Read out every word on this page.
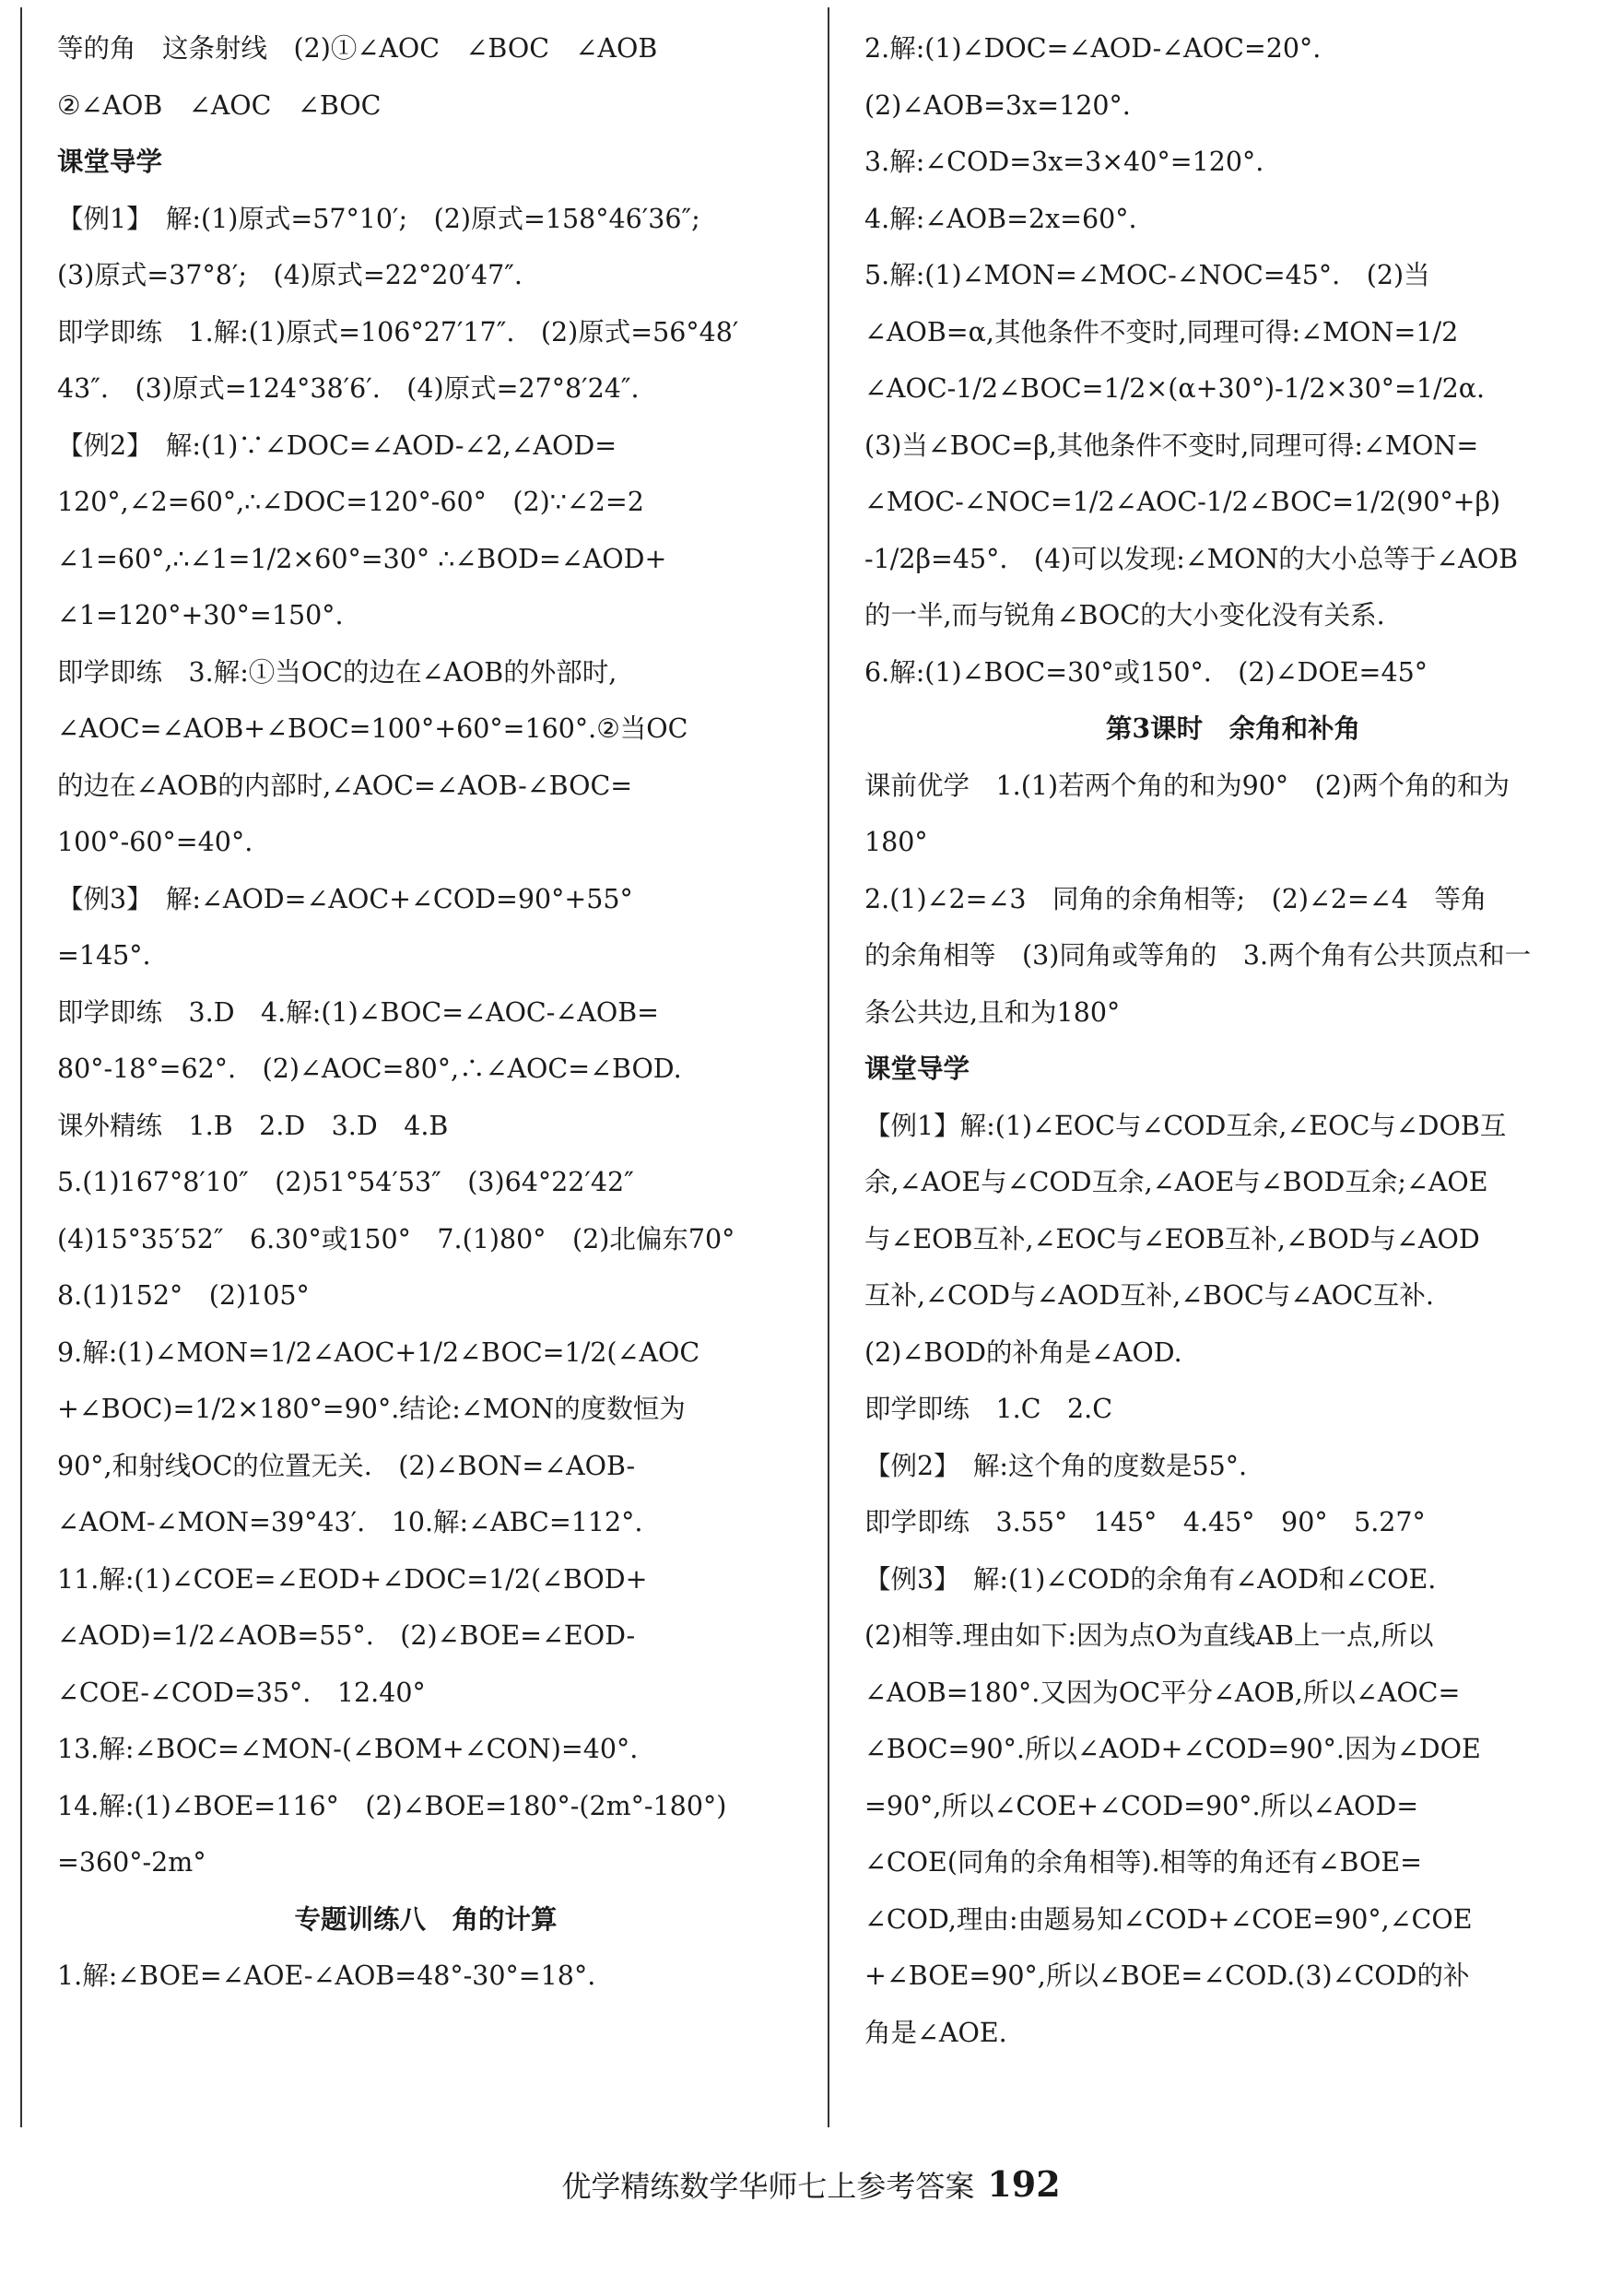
等的角　这条射线　(2)①∠AOC　∠BOC　∠AOB
②∠AOB　∠AOC　∠BOC
课堂导学
【例1】　解:(1)原式=57°10′;　(2)原式=158°46′36″;
(3)原式=37°8′;　(4)原式=22°20′47″.
即学即练　1.解:(1)原式=106°27′17″.　(2)原式=56°48′
43″.　(3)原式=124°38′6′.　(4)原式=27°8′24″.
【例2】　解:(1)∵∠DOC=∠AOD-∠2,∠AOD=
120°,∠2=60°,∴∠DOC=120°-60°　(2)∵∠2=2
∠1=60°,∴∠1=1/2×60°=30° ∴∠BOD=∠AOD+
∠1=120°+30°=150°.
即学即练　3.解:①当OC的边在∠AOB的外部时,
∠AOC=∠AOB+∠BOC=100°+60°=160°.②当OC
的边在∠AOB的内部时,∠AOC=∠AOB-∠BOC=
100°-60°=40°.
【例3】　解:∠AOD=∠AOC+∠COD=90°+55°
=145°.
即学即练　3.D　4.解:(1)∠BOC=∠AOC-∠AOB=
80°-18°=62°.　(2)∠AOC=80°,∴∠AOC=∠BOD.
课外精练　1.B　2.D　3.D　4.B
5.(1)167°8′10″　(2)51°54′53″　(3)64°22′42″
(4)15°35′52″　6.30°或150°　7.(1)80°　(2)北偏东70°
8.(1)152°　(2)105°
9.解:(1)∠MON=1/2∠AOC+1/2∠BOC=1/2(∠AOC
+∠BOC)=1/2×180°=90°.结论:∠MON的度数恒为
90°,和射线OC的位置无关.　(2)∠BON=∠AOB-
∠AOM-∠MON=39°43′.　10.解:∠ABC=112°.
11.解:(1)∠COE=∠EOD+∠DOC=1/2(∠BOD+
∠AOD)=1/2∠AOB=55°.　(2)∠BOE=∠EOD-
∠COE-∠COD=35°.　12.40°
13.解:∠BOC=∠MON-(∠BOM+∠CON)=40°.
14.解:(1)∠BOE=116°　(2)∠BOE=180°-(2m°-180°)
=360°-2m°
专题训练八　角的计算
1.解:∠BOE=∠AOE-∠AOB=48°-30°=18°.
2.解:(1)∠DOC=∠AOD-∠AOC=20°.
(2)∠AOB=3x=120°.
3.解:∠COD=3x=3×40°=120°.
4.解:∠AOB=2x=60°.
5.解:(1)∠MON=∠MOC-∠NOC=45°.　(2)当
∠AOB=α,其他条件不变时,同理可得:∠MON=1/2
∠AOC-1/2∠BOC=1/2×(α+30°)-1/2×30°=1/2α.
(3)当∠BOC=β,其他条件不变时,同理可得:∠MON=
∠MOC-∠NOC=1/2∠AOC-1/2∠BOC=1/2(90°+β)
-1/2β=45°.　(4)可以发现:∠MON的大小总等于∠AOB
的一半,而与锐角∠BOC的大小变化没有关系.
6.解:(1)∠BOC=30°或150°.　(2)∠DOE=45°
第3课时　余角和补角
课前优学　1.(1)若两个角的和为90°　(2)两个角的和为
180°
2.(1)∠2=∠3　同角的余角相等;　(2)∠2=∠4　等角
的余角相等　(3)同角或等角的　3.两个角有公共顶点和一
条公共边,且和为180°
课堂导学
【例1】解:(1)∠EOC与∠COD互余,∠EOC与∠DOB互
余,∠AOE与∠COD互余,∠AOE与∠BOD互余;∠AOE
与∠EOB互补,∠EOC与∠EOB互补,∠BOD与∠AOD
互补,∠COD与∠AOD互补,∠BOC与∠AOC互补.
(2)∠BOD的补角是∠AOD.
即学即练　1.C　2.C
【例2】　解:这个角的度数是55°.
即学即练　3.55°　145°　4.45°　90°　5.27°
【例3】　解:(1)∠COD的余角有∠AOD和∠COE.
(2)相等.理由如下:因为点O为直线AB上一点,所以
∠AOB=180°.又因为OC平分∠AOB,所以∠AOC=
∠BOC=90°.所以∠AOD+∠COD=90°.因为∠DOE
=90°,所以∠COE+∠COD=90°.所以∠AOD=
∠COE(同角的余角相等).相等的角还有∠BOE=
∠COD,理由:由题易知∠COD+∠COE=90°,∠COE
+∠BOE=90°,所以∠BOE=∠COD.(3)∠COD的补
角是∠AOE.
优学精练数学华师七上参考答案 192
